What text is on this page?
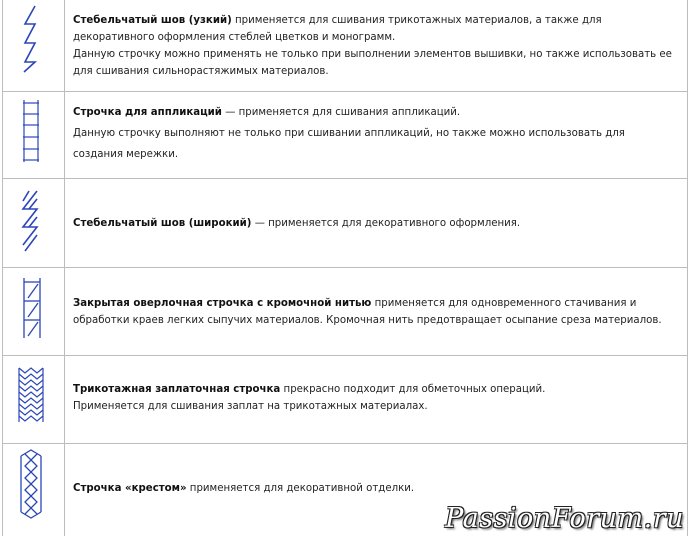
Стебельчатый шов (узкий) применяется для сшивания трикотажных материалов, а также для

декоративного оформления стеблей цветков и монограмм.

Данную строчку можно применять не только при выполнении элементов вышивки, но также использовать ее

для сшивания сильнорастяжимых материалов.

Строчка для аппликаций — применяется для сшивания аппликаций.

Данную строчку выполняют не только при сшивании аппликаций, но также можно использовать для

создания мережки.

Стебельчатый шов (широкий) — применяется для декоративного оформления.

Закрытая оверлочная строчка с кромочной нитью применяется для одновременного стачивания и

обработки краев легких сыпучих материалов. Кромочная нить предотвращает осыпание среза материалов.

Трикотажная заплаточная строчка прекрасно подходит для обметочных операций.

Применяется для сшивания заплат на трикотажных материалах.

Строчка «крестом» применяется для декоративной отделки.

PassionForum.ru
